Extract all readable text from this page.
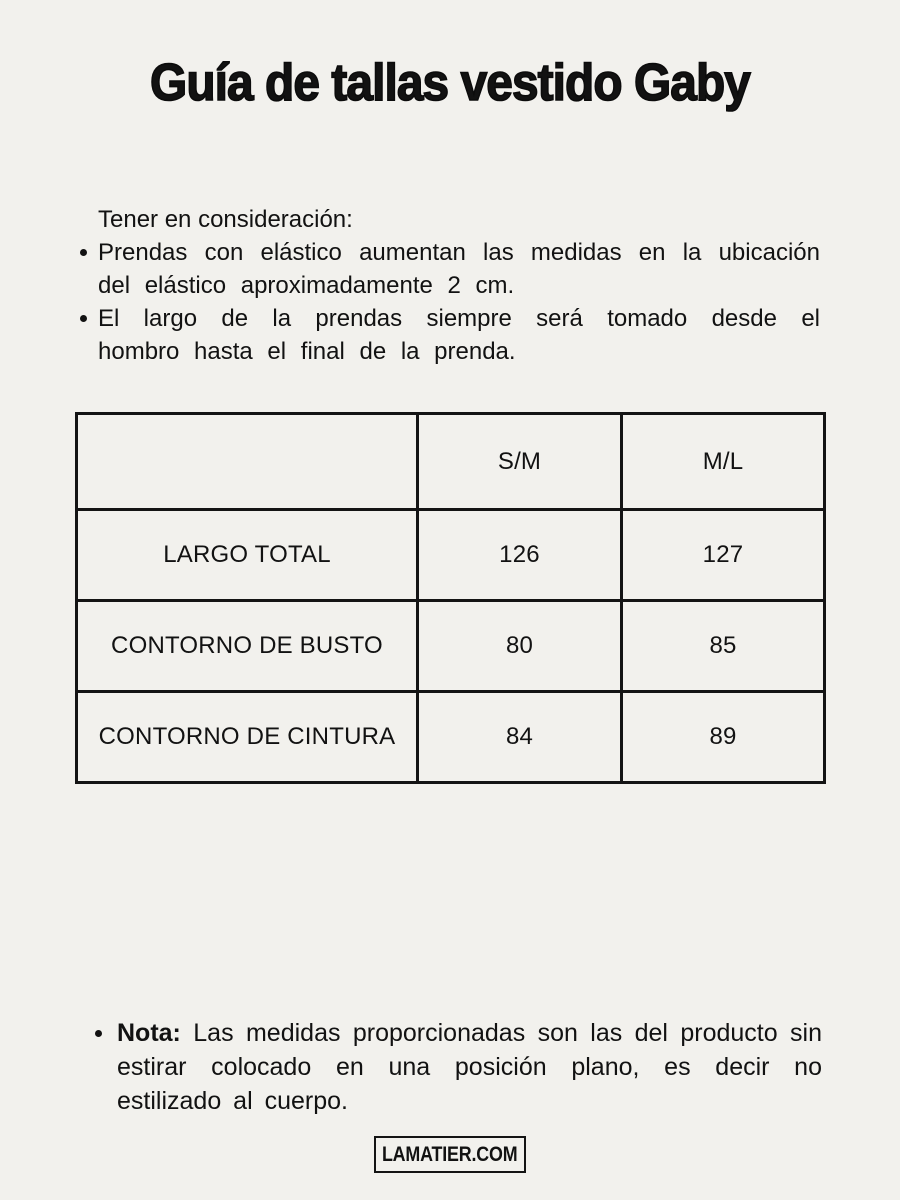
Guía de tallas vestido Gaby
Tener en consideración:
Prendas con elástico aumentan las medidas en la ubicación del elástico aproximadamente 2 cm.
El largo de la prendas siempre será tomado desde el hombro hasta el final de la prenda.
	S/M	M/L
LARGO TOTAL	126	127
CONTORNO DE BUSTO	80	85
CONTORNO DE CINTURA	84	89
Nota: Las medidas proporcionadas son las del producto sin estirar colocado en una posición plano, es decir no estilizado al cuerpo.
LAMATIER.COM
